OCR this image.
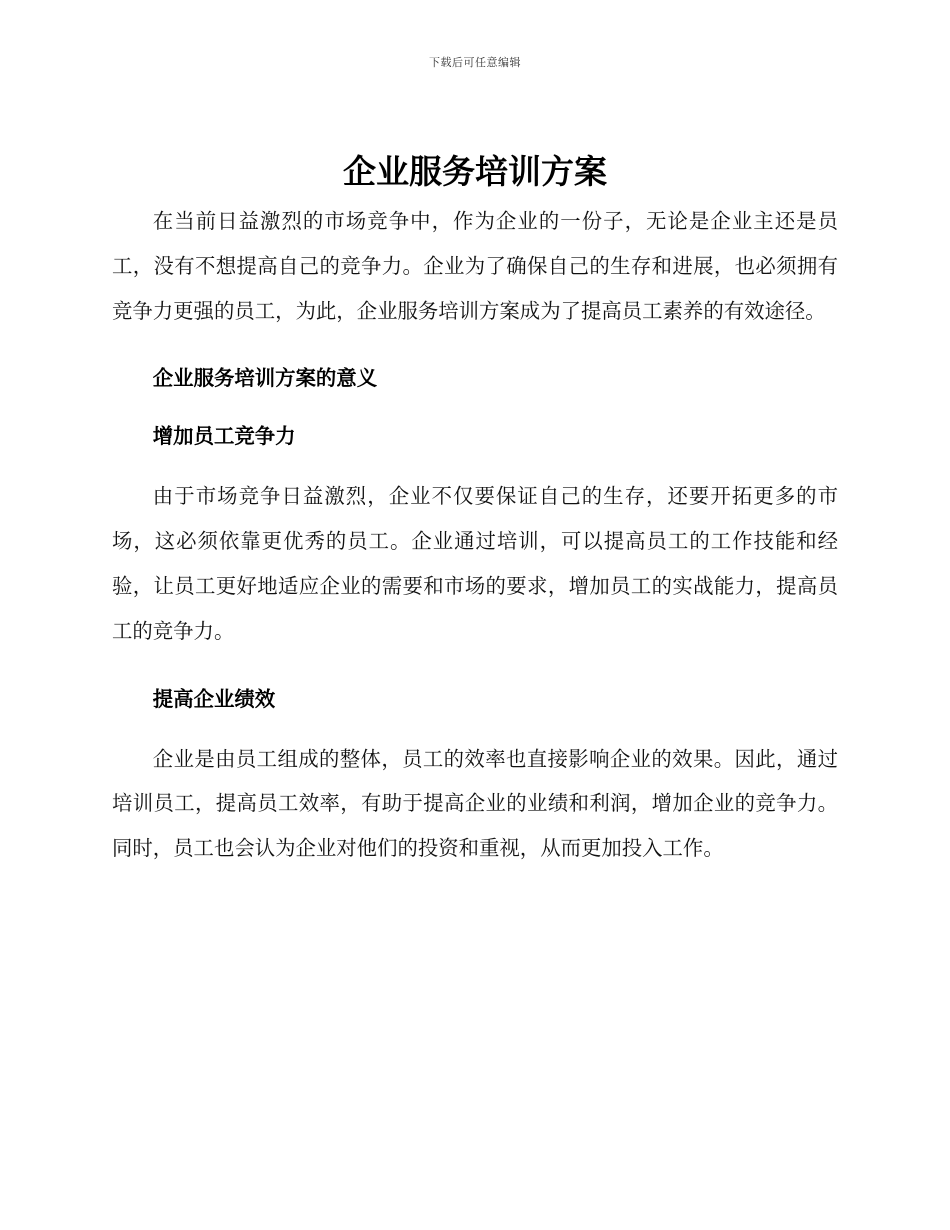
下载后可任意编辑
企业服务培训方案

在当前日益激烈的市场竞争中，作为企业的一份子，无论是企业主还是员工，没有不想提高自己的竞争力。企业为了确保自己的生存和进展，也必须拥有竞争力更强的员工，为此，企业服务培训方案成为了提高员工素养的有效途径。

企业服务培训方案的意义

增加员工竞争力

由于市场竞争日益激烈，企业不仅要保证自己的生存，还要开拓更多的市场，这必须依靠更优秀的员工。企业通过培训，可以提高员工的工作技能和经验，让员工更好地适应企业的需要和市场的要求，增加员工的实战能力，提高员工的竞争力。

提高企业绩效

企业是由员工组成的整体，员工的效率也直接影响企业的效果。因此，通过培训员工，提高员工效率，有助于提高企业的业绩和利润，增加企业的竞争力。同时，员工也会认为企业对他们的投资和重视，从而更加投入工作。
